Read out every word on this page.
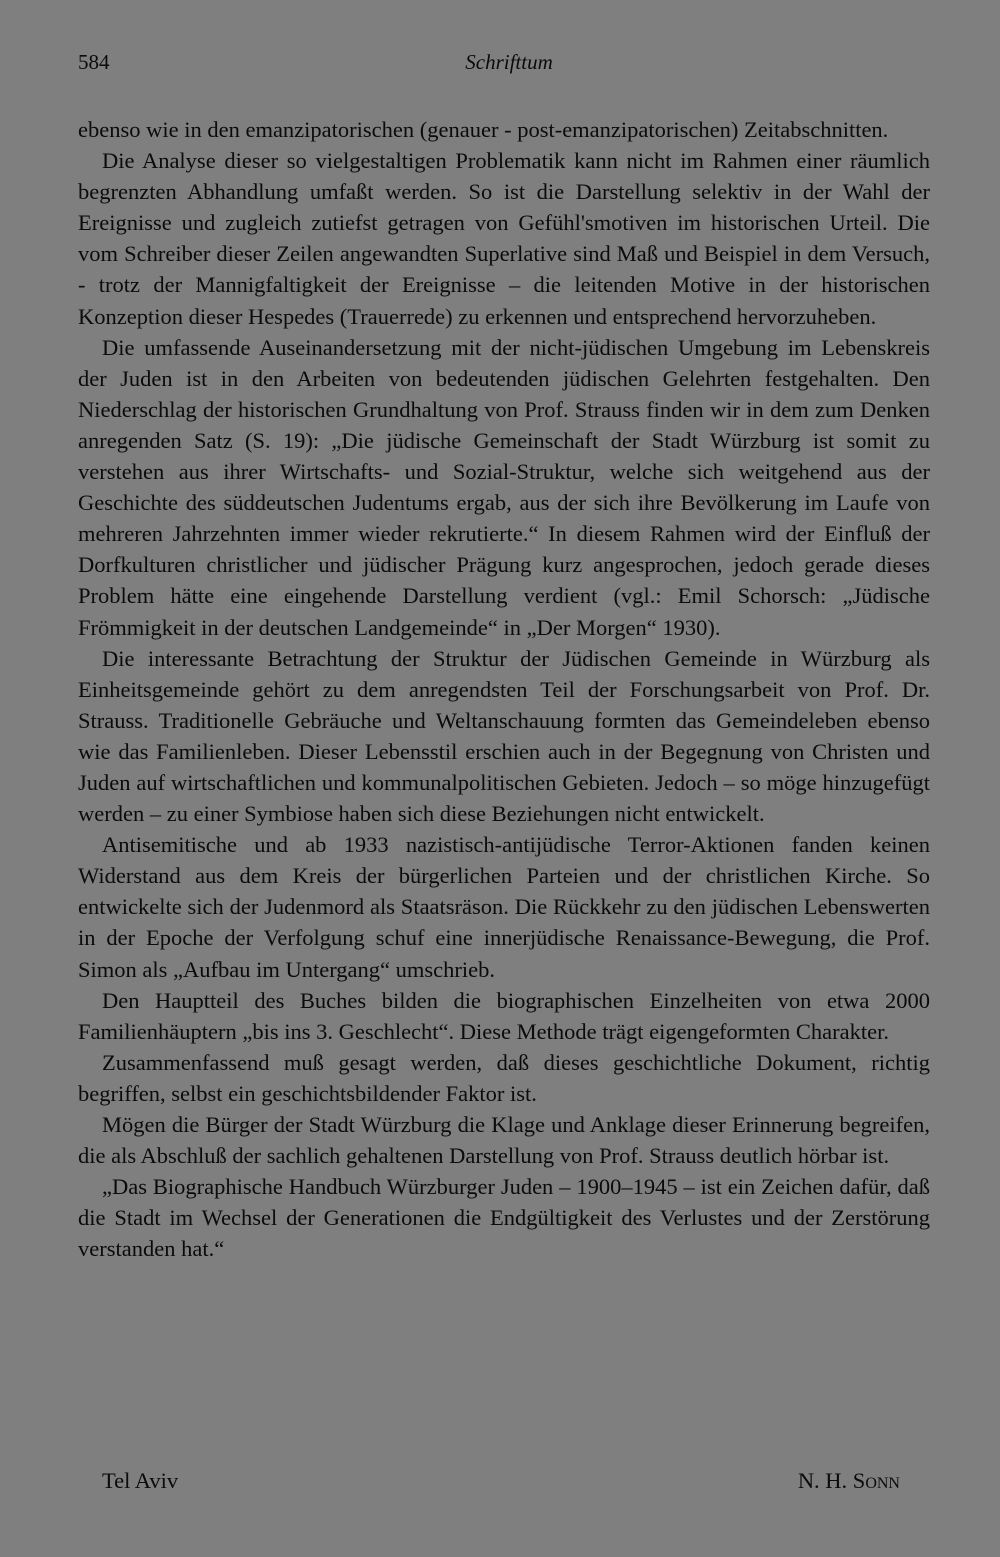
584	Schrifttum

ebenso wie in den emanzipatorischen (genauer - post-emanzipatorischen) Zeitabschnitten.

Die Analyse dieser so vielgestaltigen Problematik kann nicht im Rahmen einer räumlich begrenzten Abhandlung umfaßt werden. So ist die Darstellung selektiv in der Wahl der Ereignisse und zugleich zutiefst getragen von Gefühl'smotiven im historischen Urteil. Die vom Schreiber dieser Zeilen angewandten Superlative sind Maß und Beispiel in dem Versuch, - trotz der Mannigfaltigkeit der Ereignisse – die leitenden Motive in der historischen Konzeption dieser Hespedes (Trauerrede) zu erkennen und entsprechend hervorzuheben.

Die umfassende Auseinandersetzung mit der nicht-jüdischen Umgebung im Lebenskreis der Juden ist in den Arbeiten von bedeutenden jüdischen Gelehrten festgehalten. Den Niederschlag der historischen Grundhaltung von Prof. Strauss finden wir in dem zum Denken anregenden Satz (S. 19): „Die jüdische Gemeinschaft der Stadt Würzburg ist somit zu verstehen aus ihrer Wirtschafts- und Sozial-Struktur, welche sich weitgehend aus der Geschichte des süddeutschen Judentums ergab, aus der sich ihre Bevölkerung im Laufe von mehreren Jahrzehnten immer wieder rekrutierte.“ In diesem Rahmen wird der Einfluß der Dorfkulturen christlicher und jüdischer Prägung kurz angesprochen, jedoch gerade dieses Problem hätte eine eingehende Darstellung verdient (vgl.: Emil Schorsch: „Jüdische Frömmigkeit in der deutschen Landgemeinde“ in „Der Morgen“ 1930).

Die interessante Betrachtung der Struktur der Jüdischen Gemeinde in Würzburg als Einheitsgemeinde gehört zu dem anregendsten Teil der Forschungsarbeit von Prof. Dr. Strauss. Traditionelle Gebräuche und Weltanschauung formten das Gemeindeleben ebenso wie das Familienleben. Dieser Lebensstil erschien auch in der Begegnung von Christen und Juden auf wirtschaftlichen und kommunalpolitischen Gebieten. Jedoch – so möge hinzugefügt werden – zu einer Symbiose haben sich diese Beziehungen nicht entwickelt.

Antisemitische und ab 1933 nazistisch-antijüdische Terror-Aktionen fanden keinen Widerstand aus dem Kreis der bürgerlichen Parteien und der christlichen Kirche. So entwickelte sich der Judenmord als Staatsräson. Die Rückkehr zu den jüdischen Lebenswerten in der Epoche der Verfolgung schuf eine innerjüdische Renaissance-Bewegung, die Prof. Simon als „Aufbau im Untergang“ umschrieb.

Den Hauptteil des Buches bilden die biographischen Einzelheiten von etwa 2000 Familienhäuptern „bis ins 3. Geschlecht“. Diese Methode trägt eigengeformten Charakter.

Zusammenfassend muß gesagt werden, daß dieses geschichtliche Dokument, richtig begriffen, selbst ein geschichtsbildender Faktor ist.

Mögen die Bürger der Stadt Würzburg die Klage und Anklage dieser Erinnerung begreifen, die als Abschluß der sachlich gehaltenen Darstellung von Prof. Strauss deutlich hörbar ist.

„Das Biographische Handbuch Würzburger Juden – 1900–1945 – ist ein Zeichen dafür, daß die Stadt im Wechsel der Generationen die Endgültigkeit des Verlustes und der Zerstörung verstanden hat.“

Tel Aviv	N. H. Sonn
